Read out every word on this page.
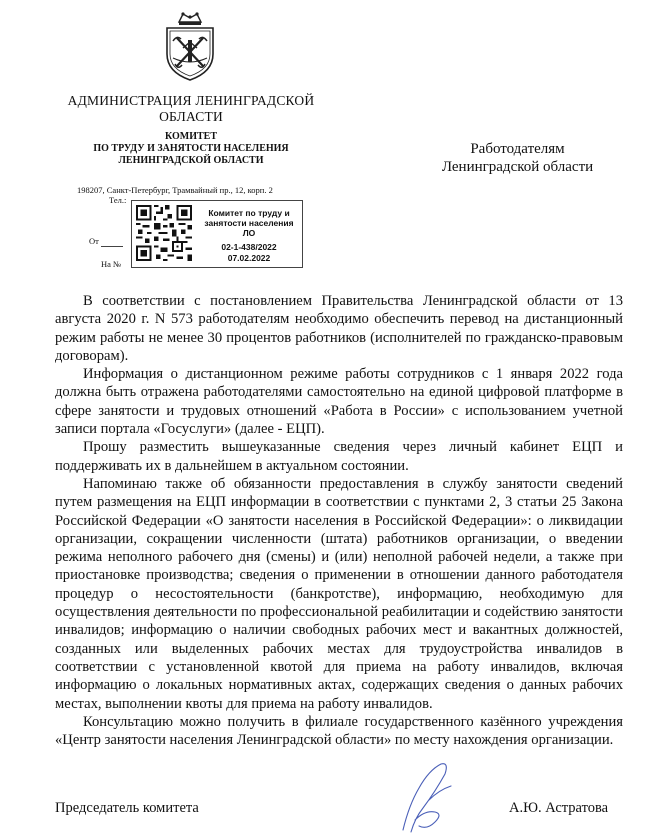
АДМИНИСТРАЦИЯ ЛЕНИНГРАДСКОЙ
ОБЛАСТИ
КОМИТЕТ
ПО ТРУДУ И ЗАНЯТОСТИ НАСЕЛЕНИЯ
ЛЕНИНГРАДСКОЙ ОБЛАСТИ
198207, Санкт-Петербург, Трамвайный пр., 12, корп. 2
Тел.:
От
На №
Работодателям
Ленинградской области
Комитет по труду и
занятости населения
ЛО
02-1-438/2022
07.02.2022

В соответствии с постановлением Правительства Ленинградской области от 13 августа 2020 г. N 573 работодателям необходимо обеспечить перевод на дистанционный режим работы не менее 30 процентов работников (исполнителей по гражданско-правовым договорам).

Информация о дистанционном режиме работы сотрудников с 1 января 2022 года должна быть отражена работодателями самостоятельно на единой цифровой платформе в сфере занятости и трудовых отношений «Работа в России» с использованием учетной записи портала «Госуслуги» (далее - ЕЦП).

Прошу разместить вышеуказанные сведения через личный кабинет ЕЦП и поддерживать их в дальнейшем в актуальном состоянии.

Напоминаю также об обязанности предоставления в службу занятости сведений путем размещения на ЕЦП информации в соответствии с пунктами 2, 3 статьи 25 Закона Российской Федерации «О занятости населения в Российской Федерации»: о ликвидации организации, сокращении численности (штата) работников организации, о введении режима неполного рабочего дня (смены) и (или) неполной рабочей недели, а также при приостановке производства; сведения о применении в отношении данного работодателя процедур о несостоятельности (банкротстве), информацию, необходимую для осуществления деятельности по профессиональной реабилитации и содействию занятости инвалидов; информацию о наличии свободных рабочих мест и вакантных должностей, созданных или выделенных рабочих местах для трудоустройства инвалидов в соответствии с установленной квотой для приема на работу инвалидов, включая информацию о локальных нормативных актах, содержащих сведения о данных рабочих местах, выполнении квоты для приема на работу инвалидов.

Консультацию можно получить в филиале государственного казённого учреждения «Центр занятости населения Ленинградской области» по месту нахождения организации.

Председатель комитета	А.Ю. Астратова
